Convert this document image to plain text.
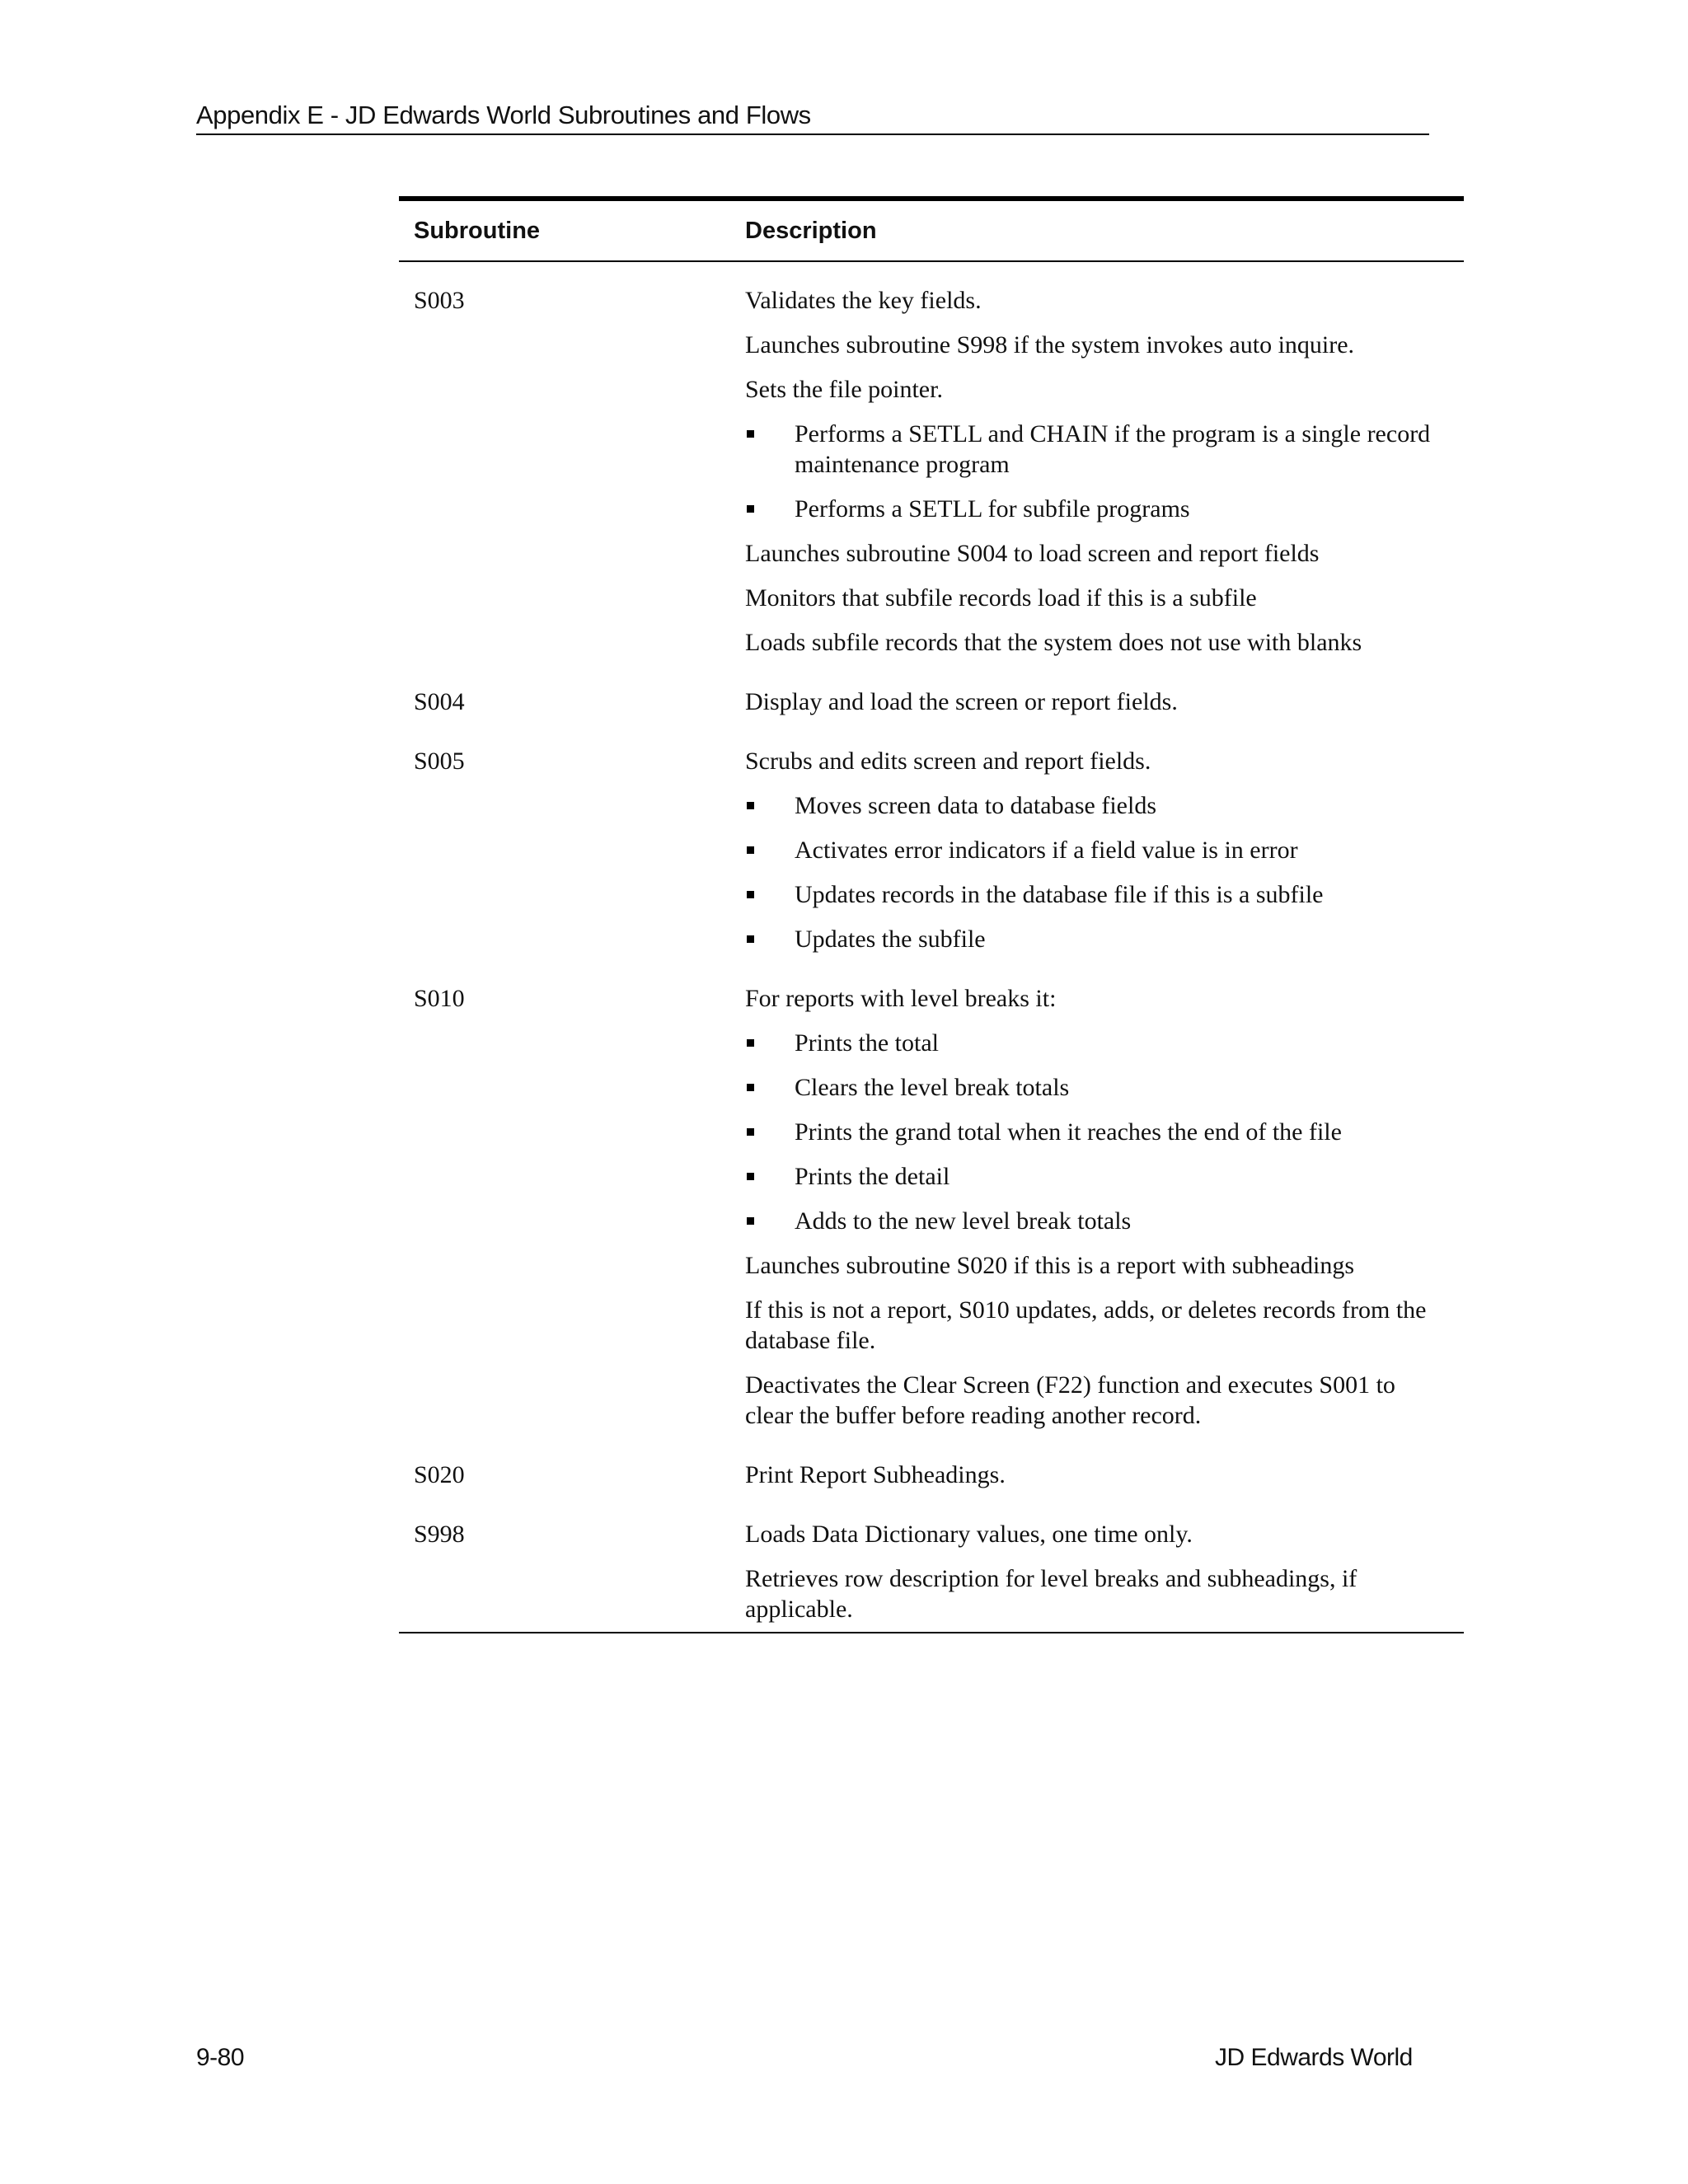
Appendix E - JD Edwards World Subroutines and Flows
Subroutine	Description
S003	Validates the key fields.
Launches subroutine S998 if the system invokes auto inquire.
Sets the file pointer.
Performs a SETLL and CHAIN if the program is a single record maintenance program
Performs a SETLL for subfile programs
Launches subroutine S004 to load screen and report fields
Monitors that subfile records load if this is a subfile
Loads subfile records that the system does not use with blanks
S004	Display and load the screen or report fields.
S005	Scrubs and edits screen and report fields.
Moves screen data to database fields
Activates error indicators if a field value is in error
Updates records in the database file if this is a subfile
Updates the subfile
S010	For reports with level breaks it:
Prints the total
Clears the level break totals
Prints the grand total when it reaches the end of the file
Prints the detail
Adds to the new level break totals
Launches subroutine S020 if this is a report with subheadings
If this is not a report, S010 updates, adds, or deletes records from the database file.
Deactivates the Clear Screen (F22) function and executes S001 to clear the buffer before reading another record.
S020	Print Report Subheadings.
S998	Loads Data Dictionary values, one time only.
Retrieves row description for level breaks and subheadings, if applicable.
9-80	JD Edwards World
